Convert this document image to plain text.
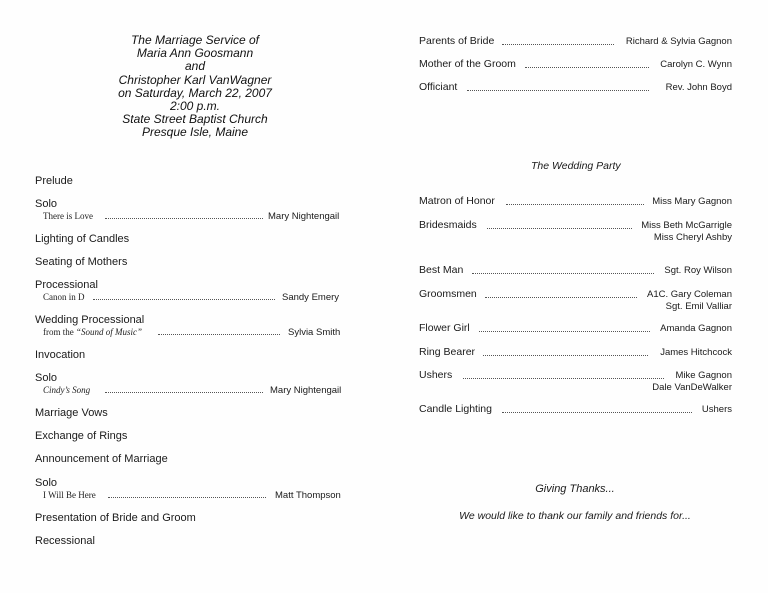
The Marriage Service of
Maria Ann Goosmann
and
Christopher Karl VanWagner
on Saturday, March 22, 2007
2:00 p.m.
State Street Baptist Church
Presque Isle, Maine
Prelude
Solo
There is Love	Mary Nightengail
Lighting of Candles
Seating of Mothers
Processional
Canon in D	Sandy Emery
Wedding Processional
from the “Sound of Music”	Sylvia Smith
Invocation
Solo
Cindy’s Song	Mary Nightengail
Marriage Vows
Exchange of Rings
Announcement of Marriage
Solo
I Will Be Here	Matt Thompson
Presentation of Bride and Groom
Recessional
Parents of Bride	Richard & Sylvia Gagnon
Mother of the Groom	Carolyn C. Wynn
Officiant	Rev. John Boyd
The Wedding Party
Matron of Honor	Miss Mary Gagnon
Bridesmaids	Miss Beth McGarrigle
Miss Cheryl Ashby
Best Man	Sgt. Roy Wilson
Groomsmen	A1C. Gary Coleman
Sgt. Emil Valliar
Flower Girl	Amanda Gagnon
Ring Bearer	James Hitchcock
Ushers	Mike Gagnon
Dale VanDeWalker
Candle Lighting	Ushers
Giving Thanks...
We would like to thank our family and friends for...
